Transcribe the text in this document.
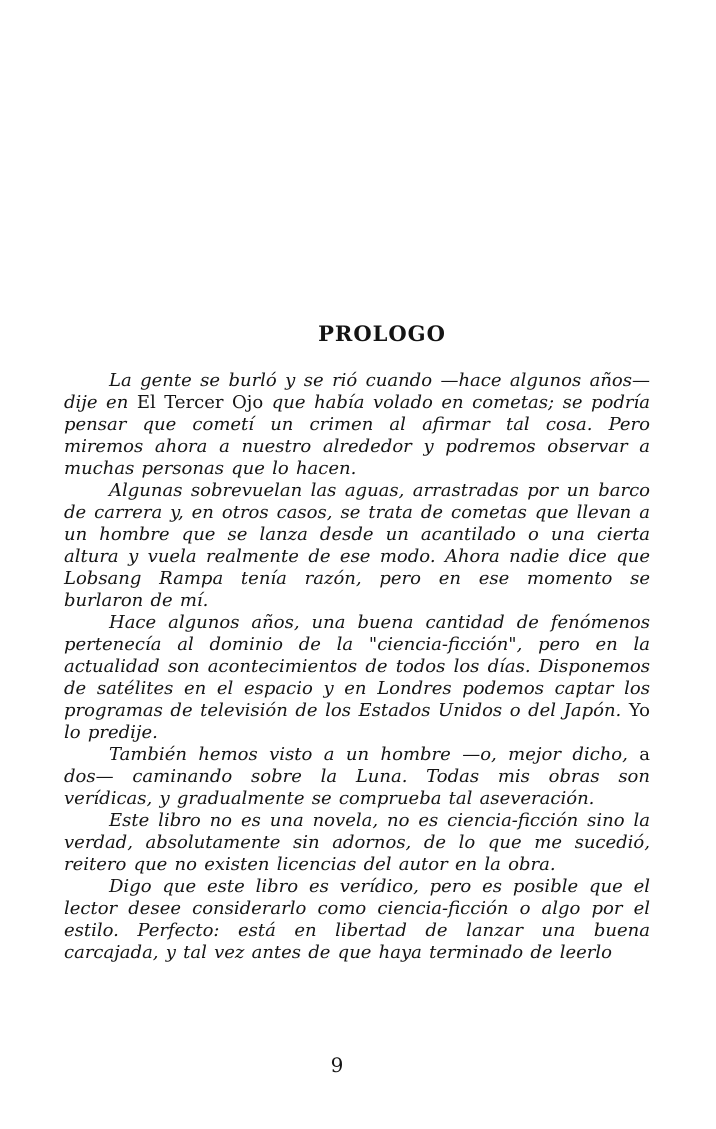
PROLOGO

La gente se burló y se rió cuando —hace algunos años— dije en El Tercer Ojo que había volado en cometas; se podría pensar que cometí un crimen al afirmar tal cosa. Pero miremos ahora a nuestro alrededor y podremos observar a muchas personas que lo hacen.

Algunas sobrevuelan las aguas, arrastradas por un barco de carrera y, en otros casos, se trata de cometas que llevan a un hombre que se lanza desde un acantilado o una cierta altura y vuela realmente de ese modo. Ahora nadie dice que Lobsang Rampa tenía razón, pero en ese momento se burlaron de mí.

Hace algunos años, una buena cantidad de fenómenos pertenecía al dominio de la "ciencia-ficción", pero en la actualidad son acontecimientos de todos los días. Disponemos de satélites en el espacio y en Londres podemos captar los programas de televisión de los Estados Unidos o del Japón. Yo lo predije.

También hemos visto a un hombre —o, mejor dicho, a dos— caminando sobre la Luna. Todas mis obras son verídicas, y gradualmente se comprueba tal aseveración.

Este libro no es una novela, no es ciencia-ficción sino la verdad, absolutamente sin adornos, de lo que me sucedió, reitero que no existen licencias del autor en la obra.

Digo que este libro es verídico, pero es posible que el lector desee considerarlo como ciencia-ficción o algo por el estilo. Perfecto: está en libertad de lanzar una buena carcajada, y tal vez antes de que haya terminado de leerlo

9
